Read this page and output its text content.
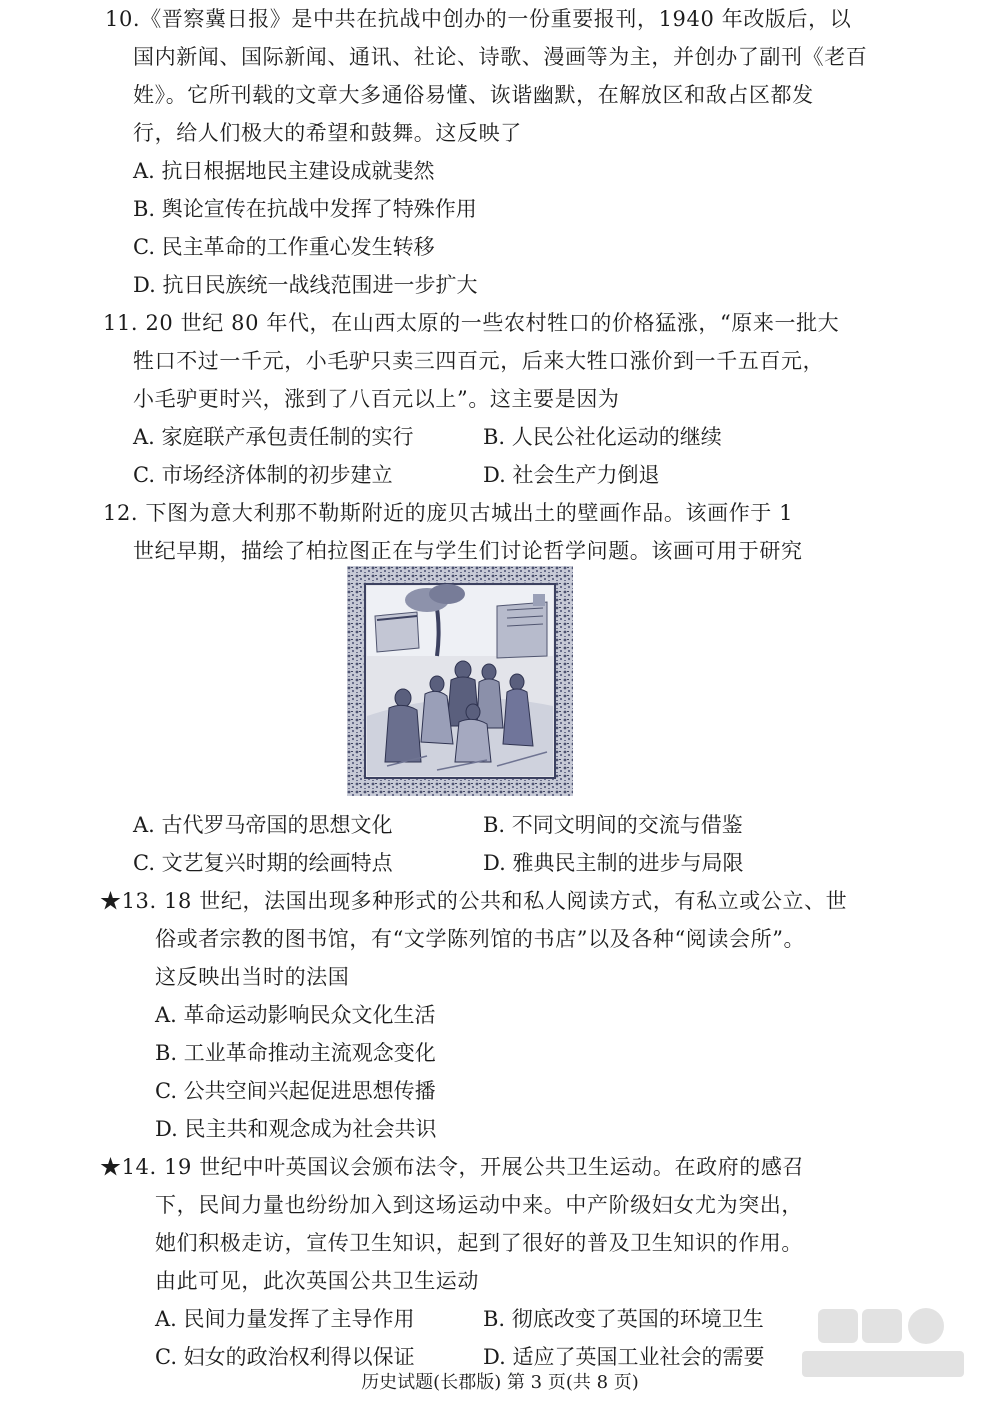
10.《晋察冀日报》是中共在抗战中创办的一份重要报刊，1940 年改版后，以
国内新闻、国际新闻、通讯、社论、诗歌、漫画等为主，并创办了副刊《老百
姓》。它所刊载的文章大多通俗易懂、诙谐幽默，在解放区和敌占区都发
行，给人们极大的希望和鼓舞。这反映了
A. 抗日根据地民主建设成就斐然
B. 舆论宣传在抗战中发挥了特殊作用
C. 民主革命的工作重心发生转移
D. 抗日民族统一战线范围进一步扩大
11. 20 世纪 80 年代，在山西太原的一些农村牲口的价格猛涨，“原来一批大
牲口不过一千元，小毛驴只卖三四百元，后来大牲口涨价到一千五百元，
小毛驴更时兴，涨到了八百元以上”。这主要是因为
A. 家庭联产承包责任制的实行	B. 人民公社化运动的继续
C. 市场经济体制的初步建立	D. 社会生产力倒退
12. 下图为意大利那不勒斯附近的庞贝古城出土的壁画作品。该画作于 1
世纪早期，描绘了柏拉图正在与学生们讨论哲学问题。该画可用于研究
A. 古代罗马帝国的思想文化	B. 不同文明间的交流与借鉴
C. 文艺复兴时期的绘画特点	D. 雅典民主制的进步与局限
★13. 18 世纪，法国出现多种形式的公共和私人阅读方式，有私立或公立、世
俗或者宗教的图书馆，有“文学陈列馆的书店”以及各种“阅读会所”。
这反映出当时的法国
A. 革命运动影响民众文化生活
B. 工业革命推动主流观念变化
C. 公共空间兴起促进思想传播
D. 民主共和观念成为社会共识
★14. 19 世纪中叶英国议会颁布法令，开展公共卫生运动。在政府的感召
下，民间力量也纷纷加入到这场运动中来。中产阶级妇女尤为突出，
她们积极走访，宣传卫生知识，起到了很好的普及卫生知识的作用。
由此可见，此次英国公共卫生运动
A. 民间力量发挥了主导作用	B. 彻底改变了英国的环境卫生
C. 妇女的政治权利得以保证	D. 适应了英国工业社会的需要
历史试题(长郡版) 第 3 页(共 8 页)
